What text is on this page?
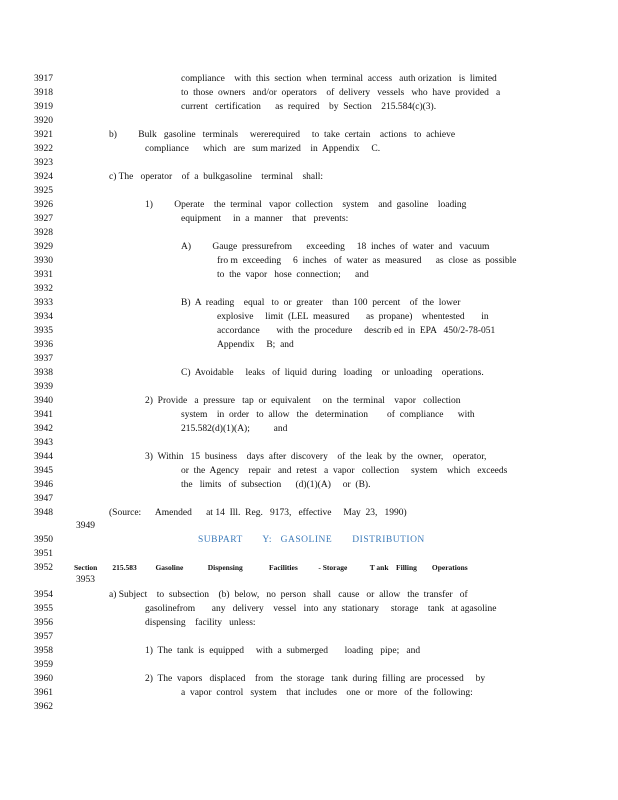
3917	compliance    with  this  section  when  terminal  access   auth orization   is  limited
3918	to  those  owners   and/or  operators    of  delivery   vessels   who  have  provided   a
3919	current   certification      as  required    by  Section    215.584(c)(3).
3920
3921	b)         Bulk   gasoline   terminals     wererequired     to  take  certain    actions   to  achieve
3922	compliance      which   are   sum marized    in  Appendix     C.
3923
3924	c) The   operator    of  a  bulkgasoline    terminal    shall:
3925
3926	1)         Operate    the  terminal   vapor  collection    system    and  gasoline    loading
3927	equipment     in  a  manner    that   prevents:
3928
3929	A)         Gauge  pressurefrom      exceeding     18  inches  of  water  and   vacuum
3930	fro m  exceeding     6  inches   of  water  as  measured      as  close  as  possible
3931	to  the  vapor   hose  connection;      and
3932
3933	B)  A  reading    equal   to  or  greater    than  100  percent    of  the  lower
3934	explosive     limit  (LEL  measured       as  propane)    whentested       in
3935	accordance       with  the  procedure     describ ed  in  EPA   450/2-78-051
3936	Appendix     B;  and
3937
3938	C)  Avoidable     leaks   of  liquid  during   loading    or  unloading    operations.
3939
3940	2)  Provide   a  pressure   tap  or  equivalent     on  the  terminal    vapor   collection
3941	system    in  order   to  allow   the   determination        of  compliance      with
3942	215.582(d)(1)(A);          and
3943
3944	3)  Within   15  business    days  after  discovery    of  the  leak  by  the  owner,    operator,
3945	or  the  Agency    repair   and  retest   a  vapor   collection     system    which   exceeds
3946	the   limits   of  subsection      (d)(1)(A)     or  (B).
3947
3948	(Source:      Amended      at 14  Ill.  Reg.   9173,   effective     May  23,   1990)
3949
3950	SUBPART       Y:   GASOLINE       DISTRIBUTION
3951
3952	Section        215.583          Gasoline             Dispensing              Facilities           - Storage            T ank    Filling        Operations
3953
3954	a) Subject    to  subsection    (b)  below,   no  person   shall   cause   or  allow   the  transfer   of
3955	gasolinefrom       any   delivery    vessel   into  any  stationary     storage    tank   at agasoline
3956	dispensing    facility   unless:
3957
3958	1)  The  tank  is  equipped     with  a  submerged       loading   pipe;   and
3959
3960	2)  The  vapors   displaced    from   the  storage   tank  during  filling  are  processed     by
3961	a  vapor  control   system    that  includes    one  or  more   of  the  following:
3962
